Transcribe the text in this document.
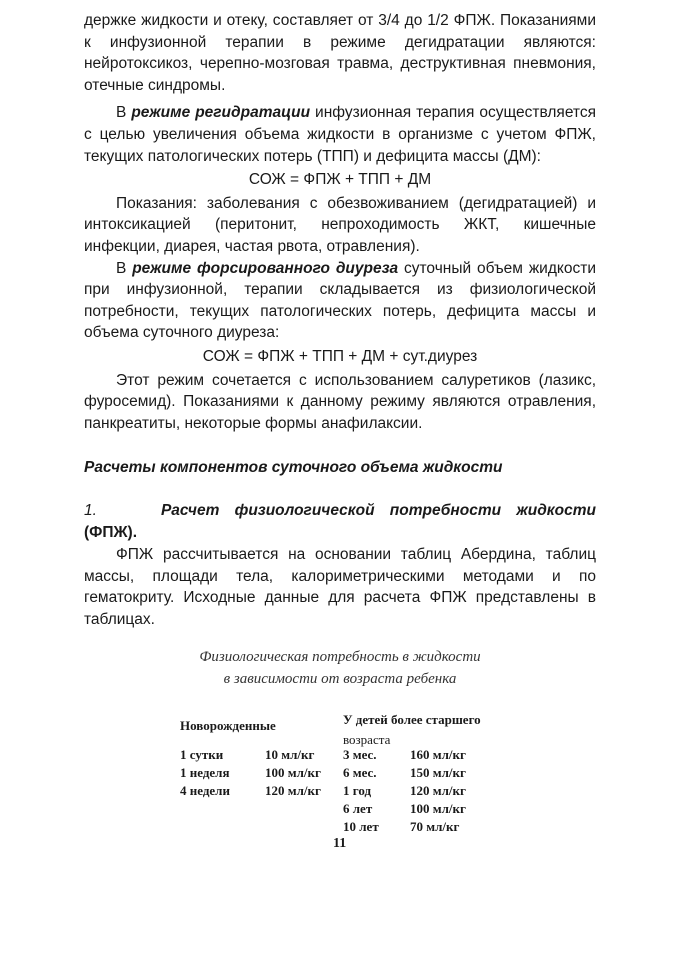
держке жидкости и отеку, составляет от 3/4 до 1/2 ФПЖ. Показаниями к инфузионной терапии в режиме дегидратации являются: нейротоксикоз, черепно-мозговая травма, деструктивная пневмония, отечные синдромы.

В режиме регидратации инфузионная терапия осуществляется с целью увеличения объема жидкости в организме с учетом ФПЖ, текущих патологических потерь (ТПП) и дефицита массы (ДМ):

СОЖ = ФПЖ + ТПП + ДМ

Показания: заболевания с обезвоживанием (дегидратацией) и интоксикацией (перитонит, непроходимость ЖКТ, кишечные инфекции, диарея, частая рвота, отравления).

В режиме форсированного диуреза суточный объем жидкости при инфузионной, терапии складывается из физиологической потребности, текущих патологических потерь, дефицита массы и объема суточного диуреза:

СОЖ = ФПЖ + ТПП + ДМ + сут.диурез

Этот режим сочетается с использованием салуретиков (лазикс, фуросемид). Показаниями к данному режиму являются отравления, панкреатиты, некоторые формы анафилаксии.

Расчеты компонентов суточного объема жидкости
1.	Расчет физиологической потребности жидкости
(ФПЖ).

ФПЖ рассчитывается на основании таблиц Абердина, таблиц массы, площади тела, калориметрическими методами и по гематокриту. Исходные данные для расчета ФПЖ представлены в таблицах.

Физиологическая потребность в жидкости
в зависимости от возраста ребенка
Новорожденные	У детей более старшего
возраста
1 сутки
1 неделя
4 недели
10 мл/кг
100 мл/кг
120 мл/кг
3 мес.
6 мес.
1 год
6 лет
10 лет
160 мл/кг
150 мл/кг
120 мл/кг
100 мл/кг
70 мл/кг
11
